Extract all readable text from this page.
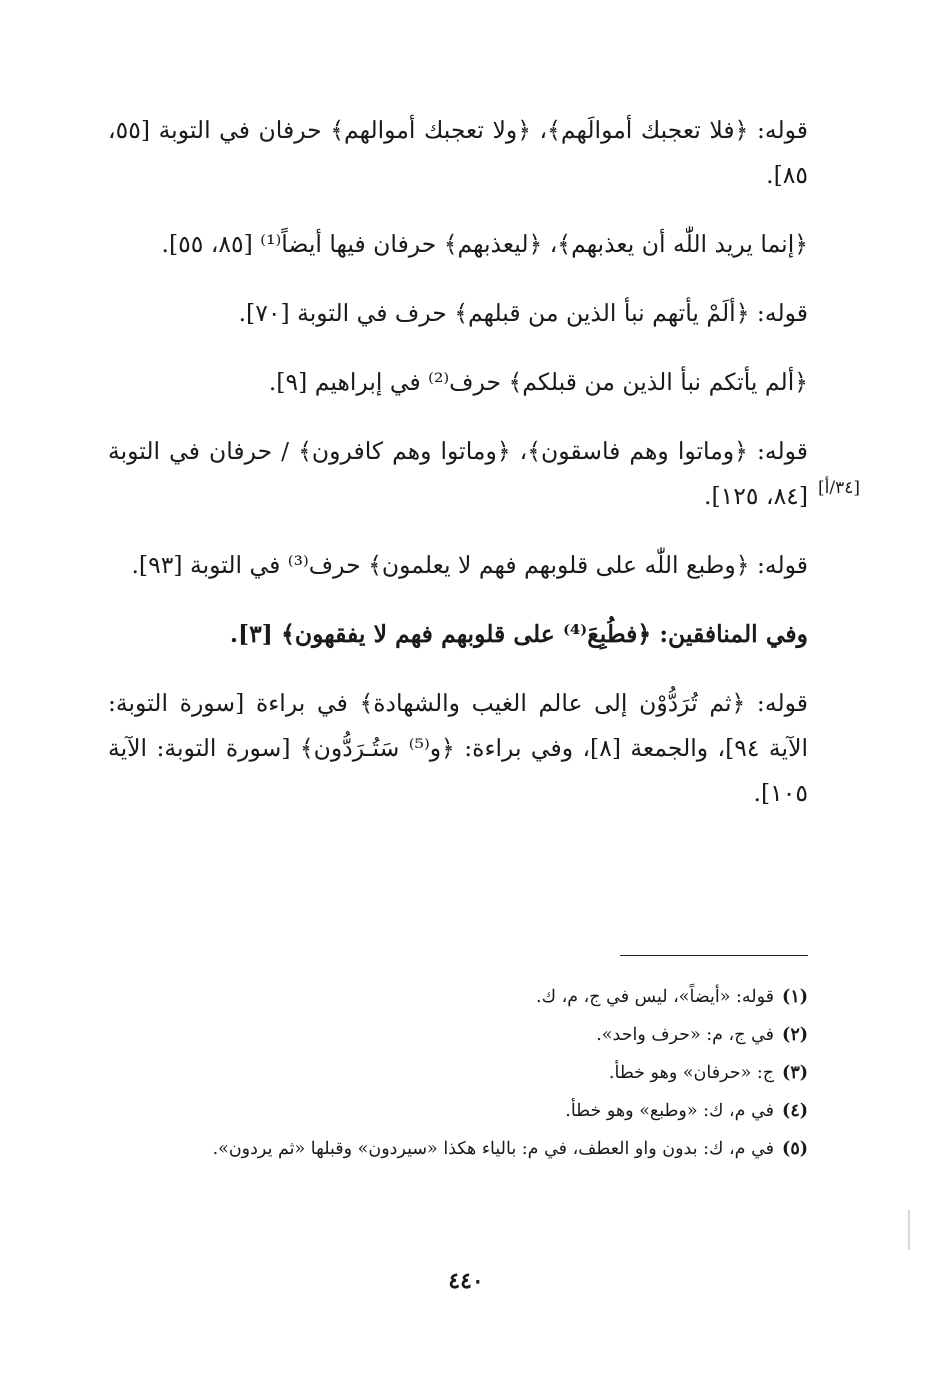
[٣٤/أ]

قوله: ﴿فلا تعجبك أموالَهم﴾، ﴿ولا تعجبك أموالهم﴾ حرفان في التوبة [٥٥، ٨٥].

﴿إنما يريد اللّٰه أن يعذبهم﴾، ﴿ليعذبهم﴾ حرفان فيها أيضاً⁽¹⁾ [٨٥، ٥٥].

قوله: ﴿ألَمْ يأتهم نبأ الذين من قبلهم﴾ حرف في التوبة [٧٠].

﴿ألم يأتكم نبأ الذين من قبلكم﴾ حرف⁽²⁾ في إبراهيم [٩].

قوله: ﴿وماتوا وهم فاسقون﴾، ﴿وماتوا وهم كافرون﴾ / حرفان في التوبة [٨٤، ١٢٥].

قوله: ﴿وطبع اللّٰه على قلوبهم فهم لا يعلمون﴾ حرف⁽³⁾ في التوبة [٩٣].

وفي المنافقين: ﴿فطُبِعَ⁽⁴⁾ على قلوبهم فهم لا يفقهون﴾ [٣].

قوله: ﴿ثم تُرَدُّوْن إلى عالم الغيب والشهادة﴾ في براءة [سورة التوبة: الآية ٩٤]، والجمعة [٨]، وفي براءة: ﴿و⁽⁵⁾ سَتُـرَدُّون﴾ [سورة التوبة: الآية ١٠٥].

(١)قوله: «أيضاً»، ليس في ج، م، ك.

(٢)في ج، م: «حرف واحد».

(٣)ج: «حرفان» وهو خطأ.

(٤)في م، ك: «وطبع» وهو خطأ.

(٥)في م، ك: بدون واو العطف، في م: بالياء هكذا «سيردون» وقبلها «ثم يردون».

٤٤٠
